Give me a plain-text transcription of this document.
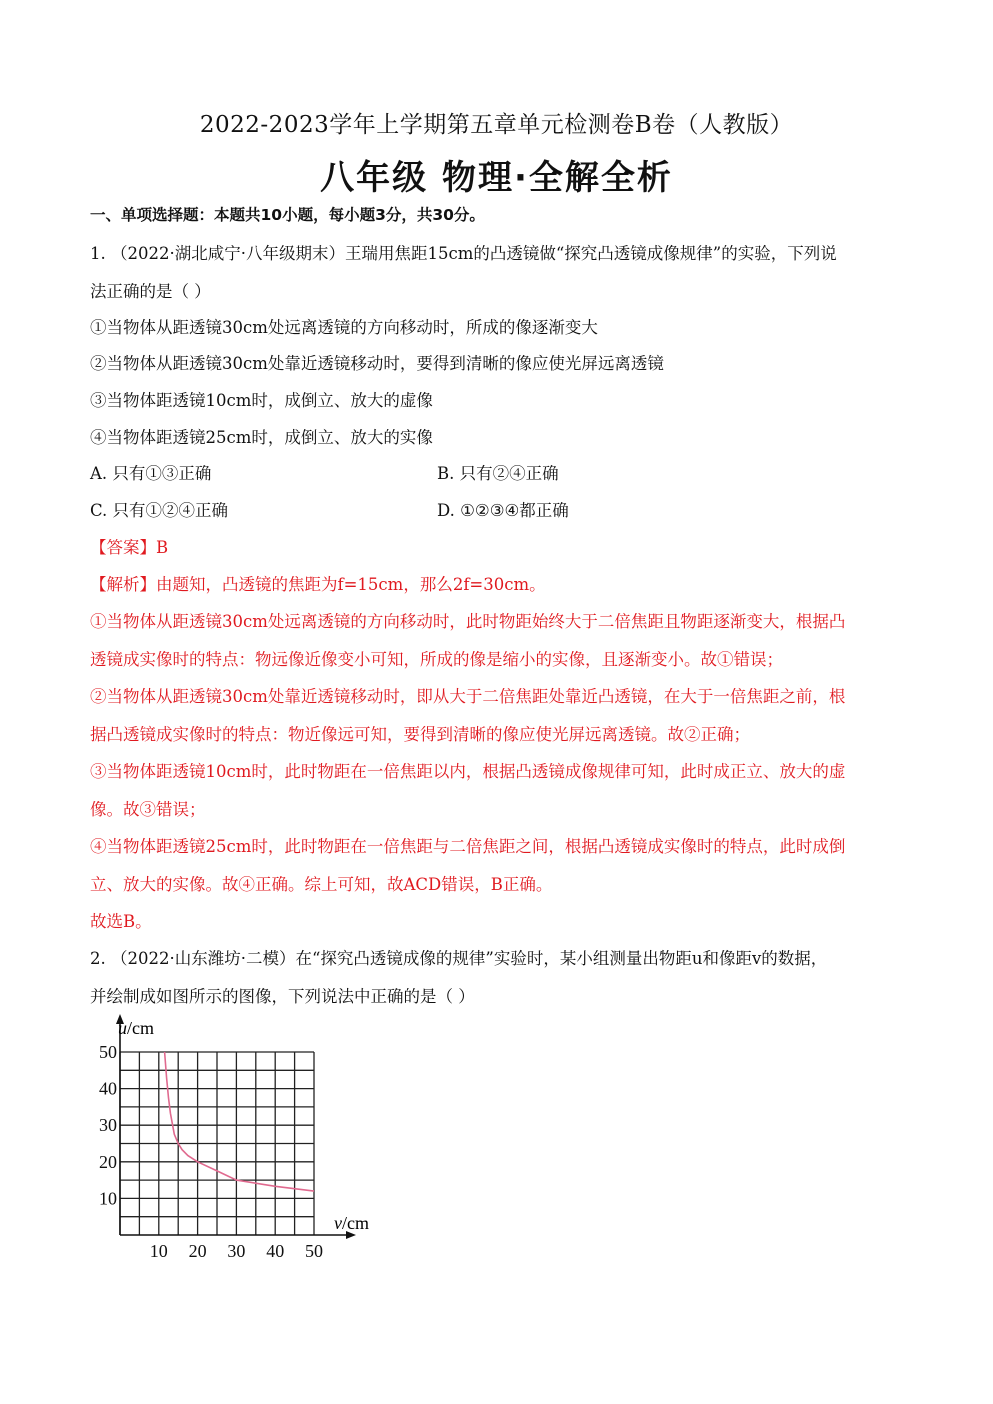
2022-2023学年上学期第五章单元检测卷B卷（人教版）
八年级 物理·全解全析
一、单项选择题：本题共10小题，每小题3分，共30分。
1. （2022·湖北咸宁·八年级期末）王瑞用焦距15cm的凸透镜做“探究凸透镜成像规律”的实验，下列说
法正确的是（ ）
①当物体从距透镜30cm处远离透镜的方向移动时，所成的像逐渐变大
②当物体从距透镜30cm处靠近透镜移动时，要得到清晰的像应使光屏远离透镜
③当物体距透镜10cm时，成倒立、放大的虚像
④当物体距透镜25cm时，成倒立、放大的实像
A. 只有①③正确	B. 只有②④正确
C. 只有①②④正确	D. ①②③④都正确
【答案】B
【解析】由题知，凸透镜的焦距为f=15cm，那么2f=30cm。
①当物体从距透镜30cm处远离透镜的方向移动时，此时物距始终大于二倍焦距且物距逐渐变大，根据凸
透镜成实像时的特点：物远像近像变小可知，所成的像是缩小的实像，且逐渐变小。故①错误；
②当物体从距透镜30cm处靠近透镜移动时，即从大于二倍焦距处靠近凸透镜，在大于一倍焦距之前，根
据凸透镜成实像时的特点：物近像远可知，要得到清晰的像应使光屏远离透镜。故②正确；
③当物体距透镜10cm时，此时物距在一倍焦距以内，根据凸透镜成像规律可知，此时成正立、放大的虚
像。故③错误；
④当物体距透镜25cm时，此时物距在一倍焦距与二倍焦距之间，根据凸透镜成实像时的特点，此时成倒
立、放大的实像。故④正确。综上可知，故ACD错误，B正确。
故选B。
2. （2022·山东潍坊·二模）在“探究凸透镜成像的规律”实验时，某小组测量出物距u和像距v的数据，
并绘制成如图所示的图像，下列说法中正确的是（ ）
10 20 30 40 50
10
20
30
40
50
u/cm
v/cm
